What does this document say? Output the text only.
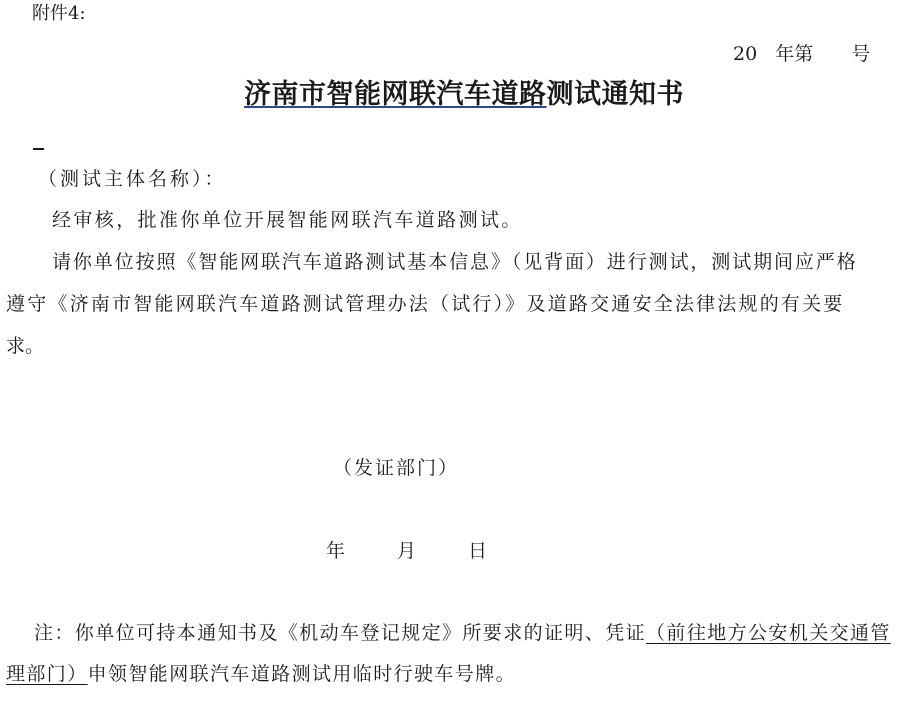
附件4:
20 年第 号
济南市智能网联汽车道路测试通知书
（测试主体名称）：
经审核，批准你单位开展智能网联汽车道路测试。
请你单位按照《智能网联汽车道路测试基本信息》（见背面）进行测试，测试期间应严格
遵守《济南市智能网联汽车道路测试管理办法（试行）》及道路交通安全法律法规的有关要
求。
（发证部门）
年	月	日
注：你单位可持本通知书及《机动车登记规定》所要求的证明、凭证（前往地方公安机关交通管
理部门）申领智能网联汽车道路测试用临时行驶车号牌。
